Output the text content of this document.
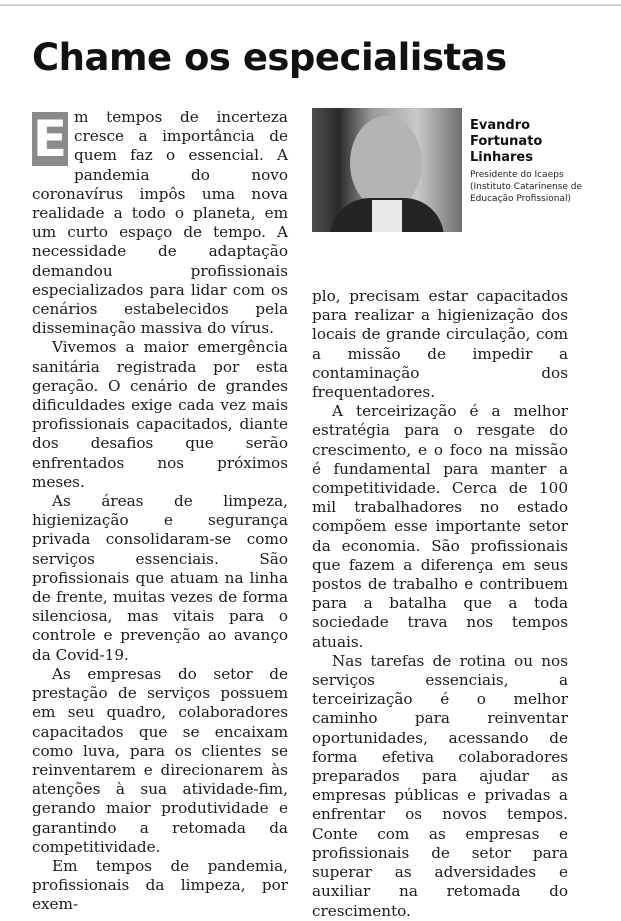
Chame os especialistas

E m tempos de incerteza cresce a importância de quem faz o essencial. A pandemia do novo coronavírus impôs uma nova realidade a todo o planeta, em um curto espaço de tempo. A necessidade de adaptação demandou profissionais especializados para lidar com os cenários estabelecidos pela disseminação massiva do vírus.

Vivemos a maior emergência sanitária registrada por esta geração. O cenário de grandes dificuldades exige cada vez mais profissionais capacitados, diante dos desafios que serão enfrentados nos próximos meses.

As áreas de limpeza, higienização e segurança privada consolidaram-se como serviços essenciais. São profissionais que atuam na linha de frente, muitas vezes de forma silenciosa, mas vitais para o controle e prevenção ao avanço da Covid-19.

As empresas do setor de prestação de serviços possuem em seu quadro, colaboradores capacitados que se encaixam como luva, para os clientes se reinventarem e direcionarem às atenções à sua atividade-fim, gerando maior produtividade e garantindo a retomada da competitividade.

Em tempos de pandemia, profissionais da limpeza, por exem-

Evandro
Fortunato
Linhares
Presidente do Icaeps
(Instituto Catarinense de
Educação Profissional)

plo, precisam estar capacitados para realizar a higienização dos locais de grande circulação, com a missão de impedir a contaminação dos frequentadores.

A terceirização é a melhor estratégia para o resgate do crescimento, e o foco na missão é fundamental para manter a competitividade. Cerca de 100 mil trabalhadores no estado compõem esse importante setor da economia. São profissionais que fazem a diferença em seus postos de trabalho e contribuem para a batalha que a toda sociedade trava nos tempos atuais.

Nas tarefas de rotina ou nos serviços essenciais, a terceirização é o melhor caminho para reinventar oportunidades, acessando de forma efetiva colaboradores preparados para ajudar as empresas públicas e privadas a enfrentar os novos tempos. Conte com as empresas e profissionais de setor para superar as adversidades e auxiliar na retomada do crescimento.
